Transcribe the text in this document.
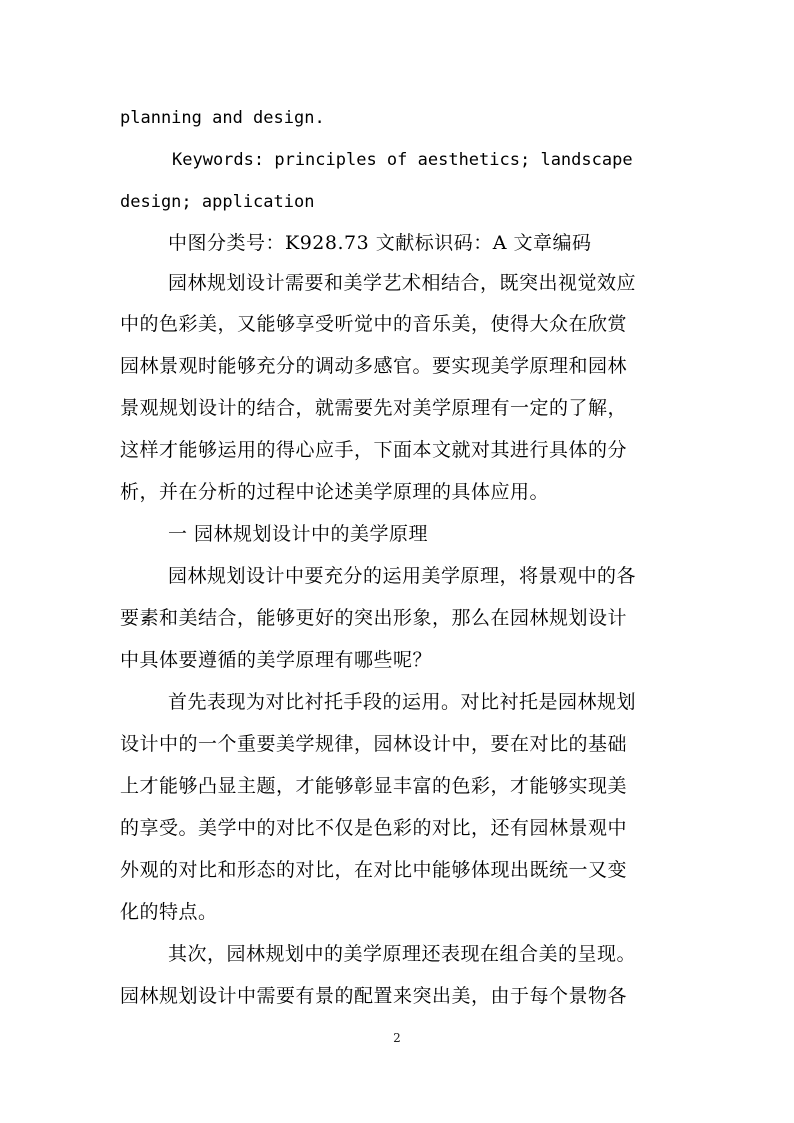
planning and design.
Keywords: principles of aesthetics; landscape
design; application
中图分类号：K928.73 文献标识码：A 文章编码
园林规划设计需要和美学艺术相结合，既突出视觉效应
中的色彩美，又能够享受听觉中的音乐美，使得大众在欣赏
园林景观时能够充分的调动多感官。要实现美学原理和园林
景观规划设计的结合，就需要先对美学原理有一定的了解，
这样才能够运用的得心应手，下面本文就对其进行具体的分
析，并在分析的过程中论述美学原理的具体应用。
一 园林规划设计中的美学原理
园林规划设计中要充分的运用美学原理，将景观中的各
要素和美结合，能够更好的突出形象，那么在园林规划设计
中具体要遵循的美学原理有哪些呢？
首先表现为对比衬托手段的运用。对比衬托是园林规划
设计中的一个重要美学规律，园林设计中，要在对比的基础
上才能够凸显主题，才能够彰显丰富的色彩，才能够实现美
的享受。美学中的对比不仅是色彩的对比，还有园林景观中
外观的对比和形态的对比，在对比中能够体现出既统一又变
化的特点。
其次，园林规划中的美学原理还表现在组合美的呈现。
园林规划设计中需要有景的配置来突出美，由于每个景物各
2
